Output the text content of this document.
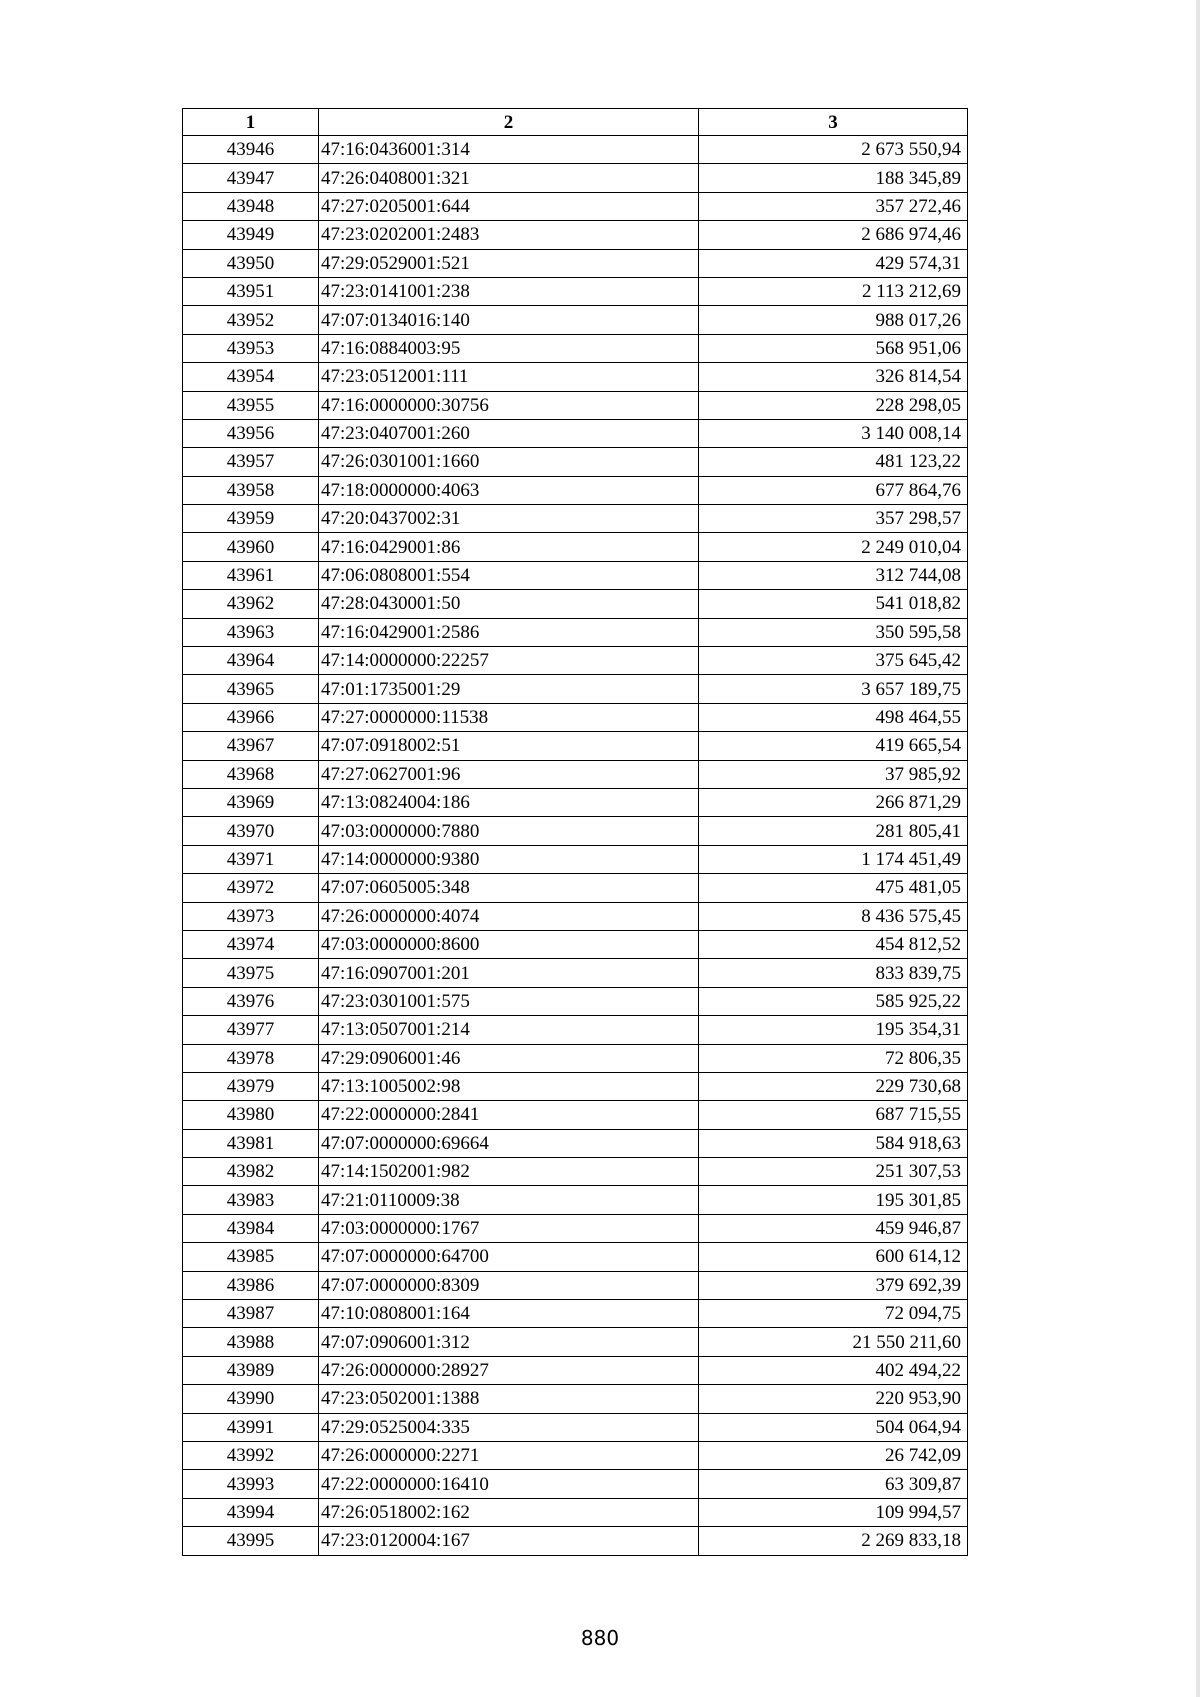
1	2	3
43946	47:16:0436001:314	2 673 550,94
43947	47:26:0408001:321	188 345,89
43948	47:27:0205001:644	357 272,46
43949	47:23:0202001:2483	2 686 974,46
43950	47:29:0529001:521	429 574,31
43951	47:23:0141001:238	2 113 212,69
43952	47:07:0134016:140	988 017,26
43953	47:16:0884003:95	568 951,06
43954	47:23:0512001:111	326 814,54
43955	47:16:0000000:30756	228 298,05
43956	47:23:0407001:260	3 140 008,14
43957	47:26:0301001:1660	481 123,22
43958	47:18:0000000:4063	677 864,76
43959	47:20:0437002:31	357 298,57
43960	47:16:0429001:86	2 249 010,04
43961	47:06:0808001:554	312 744,08
43962	47:28:0430001:50	541 018,82
43963	47:16:0429001:2586	350 595,58
43964	47:14:0000000:22257	375 645,42
43965	47:01:1735001:29	3 657 189,75
43966	47:27:0000000:11538	498 464,55
43967	47:07:0918002:51	419 665,54
43968	47:27:0627001:96	37 985,92
43969	47:13:0824004:186	266 871,29
43970	47:03:0000000:7880	281 805,41
43971	47:14:0000000:9380	1 174 451,49
43972	47:07:0605005:348	475 481,05
43973	47:26:0000000:4074	8 436 575,45
43974	47:03:0000000:8600	454 812,52
43975	47:16:0907001:201	833 839,75
43976	47:23:0301001:575	585 925,22
43977	47:13:0507001:214	195 354,31
43978	47:29:0906001:46	72 806,35
43979	47:13:1005002:98	229 730,68
43980	47:22:0000000:2841	687 715,55
43981	47:07:0000000:69664	584 918,63
43982	47:14:1502001:982	251 307,53
43983	47:21:0110009:38	195 301,85
43984	47:03:0000000:1767	459 946,87
43985	47:07:0000000:64700	600 614,12
43986	47:07:0000000:8309	379 692,39
43987	47:10:0808001:164	72 094,75
43988	47:07:0906001:312	21 550 211,60
43989	47:26:0000000:28927	402 494,22
43990	47:23:0502001:1388	220 953,90
43991	47:29:0525004:335	504 064,94
43992	47:26:0000000:2271	26 742,09
43993	47:22:0000000:16410	63 309,87
43994	47:26:0518002:162	109 994,57
43995	47:23:0120004:167	2 269 833,18
880
